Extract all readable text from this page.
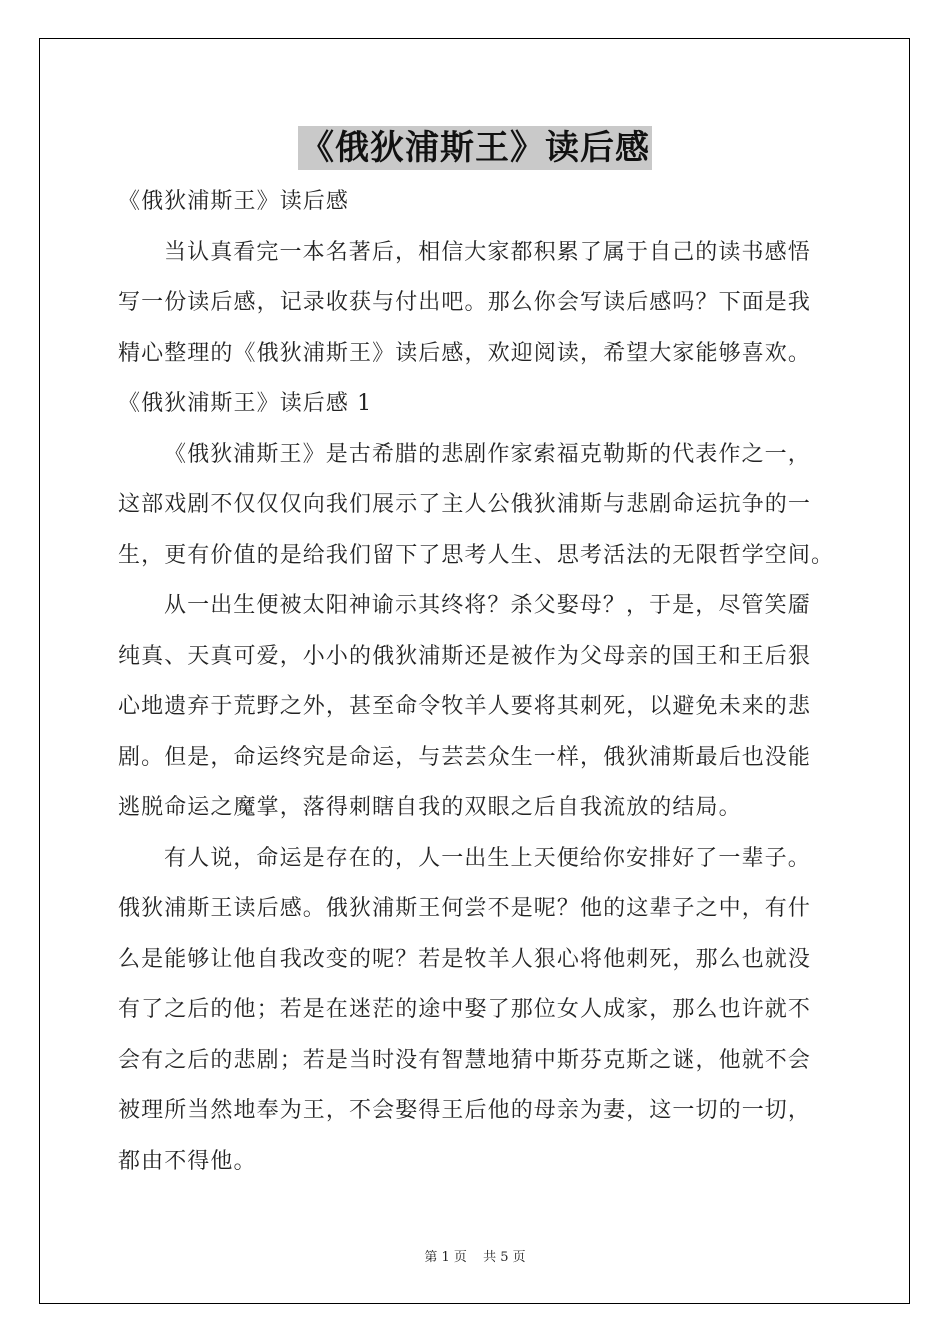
《俄狄浦斯王》读后感
《俄狄浦斯王》读后感
当认真看完一本名著后，相信大家都积累了属于自己的读书感悟
写一份读后感，记录收获与付出吧。那么你会写读后感吗？下面是我
精心整理的《俄狄浦斯王》读后感，欢迎阅读，希望大家能够喜欢。
《俄狄浦斯王》读后感 1
《俄狄浦斯王》是古希腊的悲剧作家索福克勒斯的代表作之一，
这部戏剧不仅仅仅向我们展示了主人公俄狄浦斯与悲剧命运抗争的一
生，更有价值的是给我们留下了思考人生、思考活法的无限哲学空间。
从一出生便被太阳神谕示其终将？杀父娶母？，于是，尽管笑靥
纯真、天真可爱，小小的俄狄浦斯还是被作为父母亲的国王和王后狠
心地遗弃于荒野之外，甚至命令牧羊人要将其刺死，以避免未来的悲
剧。但是，命运终究是命运，与芸芸众生一样，俄狄浦斯最后也没能
逃脱命运之魔掌，落得刺瞎自我的双眼之后自我流放的结局。
有人说，命运是存在的，人一出生上天便给你安排好了一辈子。
俄狄浦斯王读后感。俄狄浦斯王何尝不是呢？他的这辈子之中，有什
么是能够让他自我改变的呢？若是牧羊人狠心将他刺死，那么也就没
有了之后的他；若是在迷茫的途中娶了那位女人成家，那么也许就不
会有之后的悲剧；若是当时没有智慧地猜中斯芬克斯之谜，他就不会
被理所当然地奉为王，不会娶得王后他的母亲为妻，这一切的一切，
都由不得他。
第 1 页 共 5 页
